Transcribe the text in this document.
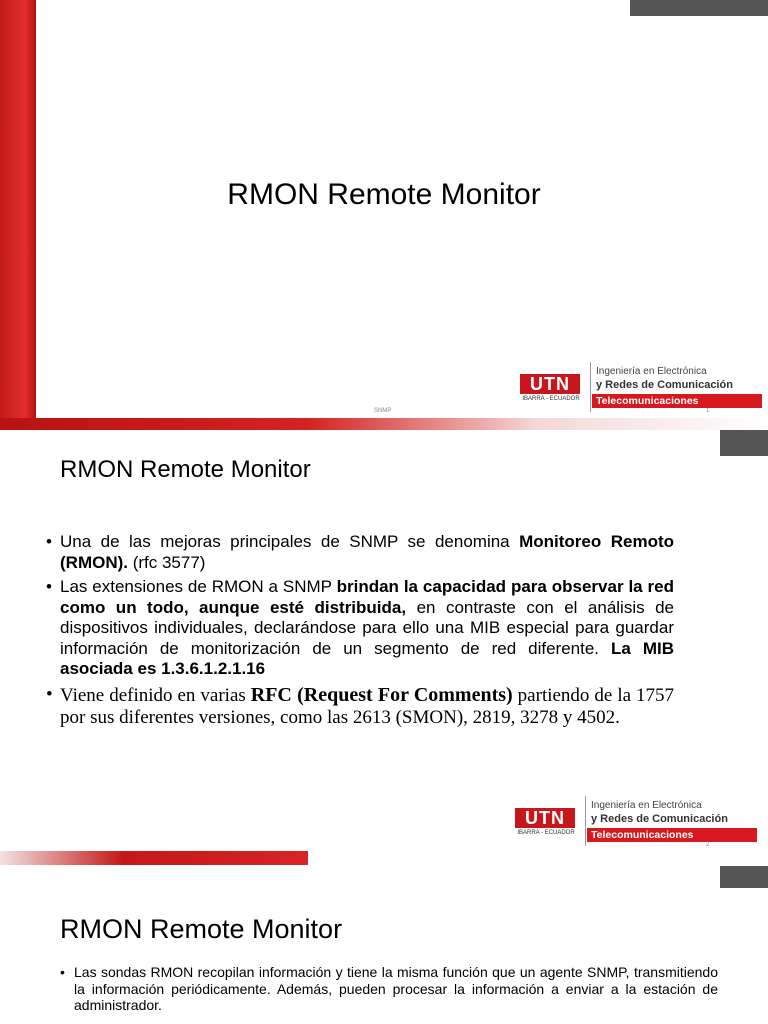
RMON Remote Monitor
UTN
IBARRA - ECUADOR
Ingeniería en Electrónica
y Redes de Comunicación
Telecomunicaciones
SNMP	1
RMON Remote Monitor
• Una de las mejoras principales de SNMP se denomina Monitoreo Remoto (RMON). (rfc 3577)
• Las extensiones de RMON a SNMP brindan la capacidad para observar la red como un todo, aunque esté distribuida, en contraste con el análisis de dispositivos individuales, declarándose para ello una MIB especial para guardar información de monitorización de un segmento de red diferente. La MIB asociada es 1.3.6.1.2.1.16
• Viene definido en varias RFC (Request For Comments) partiendo de la 1757 por sus diferentes versiones, como las 2613 (SMON), 2819, 3278 y 4502.
UTN
IBARRA - ECUADOR
Ingeniería en Electrónica
y Redes de Comunicación
Telecomunicaciones
2
RMON Remote Monitor
• Las sondas RMON recopilan información y tiene la misma función que un agente SNMP, transmitiendo la información periódicamente. Además, pueden procesar la información a enviar a la estación de administrador.
